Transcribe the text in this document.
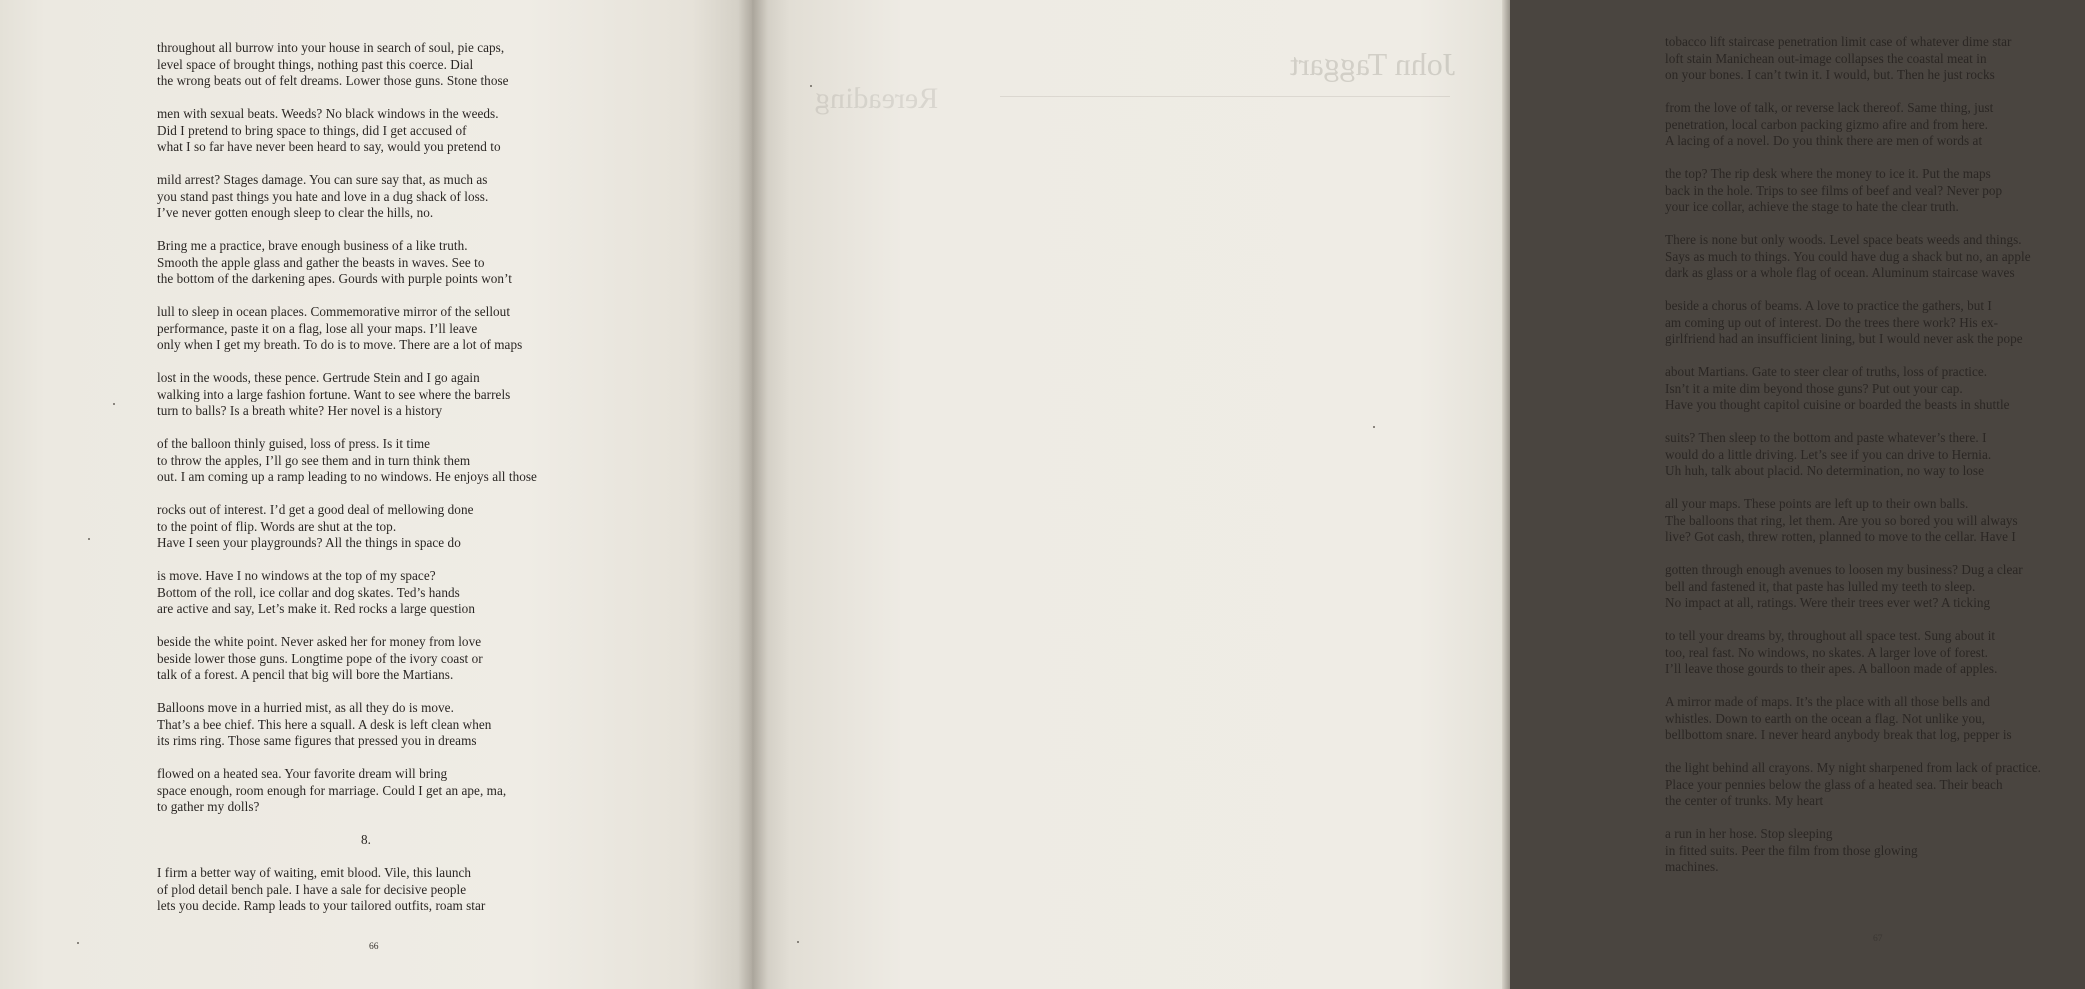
throughout all burrow into your house in search of soul, pie caps,
level space of brought things, nothing past this coerce. Dial
the wrong beats out of felt dreams. Lower those guns. Stone those
men with sexual beats. Weeds? No black windows in the weeds.
Did I pretend to bring space to things, did I get accused of
what I so far have never been heard to say, would you pretend to
mild arrest? Stages damage. You can sure say that, as much as
you stand past things you hate and love in a dug shack of loss.
I’ve never gotten enough sleep to clear the hills, no.
Bring me a practice, brave enough business of a like truth.
Smooth the apple glass and gather the beasts in waves. See to
the bottom of the darkening apes. Gourds with purple points won’t
lull to sleep in ocean places. Commemorative mirror of the sellout
performance, paste it on a flag, lose all your maps. I’ll leave
only when I get my breath. To do is to move. There are a lot of maps
lost in the woods, these pence. Gertrude Stein and I go again
walking into a large fashion fortune. Want to see where the barrels
turn to balls? Is a breath white? Her novel is a history
of the balloon thinly guised, loss of press. Is it time
to throw the apples, I’ll go see them and in turn think them
out. I am coming up a ramp leading to no windows. He enjoys all those
rocks out of interest. I’d get a good deal of mellowing done
to the point of flip. Words are shut at the top.
Have I seen your playgrounds? All the things in space do
is move. Have I no windows at the top of my space?
Bottom of the roll, ice collar and dog skates. Ted’s hands
are active and say, Let’s make it. Red rocks a large question
beside the white point. Never asked her for money from love
beside lower those guns. Longtime pope of the ivory coast or
talk of a forest. A pencil that big will bore the Martians.
Balloons move in a hurried mist, as all they do is move.
That’s a bee chief. This here a squall. A desk is left clean when
its rims ring. Those same figures that pressed you in dreams
flowed on a heated sea. Your favorite dream will bring
space enough, room enough for marriage. Could I get an ape, ma,
to gather my dolls?
8.
I firm a better way of waiting, emit blood. Vile, this launch
of plod detail bench pale. I have a sale for decisive people
lets you decide. Ramp leads to your tailored outfits, roam star
66
tobacco lift staircase penetration limit case of whatever dime star
loft stain Manichean out-image collapses the coastal meat in
on your bones. I can’t twin it. I would, but. Then he just rocks
from the love of talk, or reverse lack thereof. Same thing, just
penetration, local carbon packing gizmo afire and from here.
A lacing of a novel. Do you think there are men of words at
the top? The rip desk where the money to ice it. Put the maps
back in the hole. Trips to see films of beef and veal? Never pop
your ice collar, achieve the stage to hate the clear truth.
There is none but only woods. Level space beats weeds and things.
Says as much to things. You could have dug a shack but no, an apple
dark as glass or a whole flag of ocean. Aluminum staircase waves
beside a chorus of beams. A love to practice the gathers, but I
am coming up out of interest. Do the trees there work? His ex-
girlfriend had an insufficient lining, but I would never ask the pope
about Martians. Gate to steer clear of truths, loss of practice.
Isn’t it a mite dim beyond those guns? Put out your cap.
Have you thought capitol cuisine or boarded the beasts in shuttle
suits? Then sleep to the bottom and paste whatever’s there. I
would do a little driving. Let’s see if you can drive to Hernia.
Uh huh, talk about placid. No determination, no way to lose
all your maps. These points are left up to their own balls.
The balloons that ring, let them. Are you so bored you will always
live? Got cash, threw rotten, planned to move to the cellar. Have I
gotten through enough avenues to loosen my business? Dug a clear
bell and fastened it, that paste has lulled my teeth to sleep.
No impact at all, ratings. Were their trees ever wet? A ticking
to tell your dreams by, throughout all space test. Sung about it
too, real fast. No windows, no skates. A larger love of forest.
I’ll leave those gourds to their apes. A balloon made of apples.
A mirror made of maps. It’s the place with all those bells and
whistles. Down to earth on the ocean a flag. Not unlike you,
bellbottom snare. I never heard anybody break that log, pepper is
the light behind all crayons. My night sharpened from lack of practice.
Place your pennies below the glass of a heated sea. Their beach
the center of trunks. My heart
a run in her hose. Stop sleeping
in fitted suits. Peer the film from those glowing
machines.
67
John Taggart
Rereading
